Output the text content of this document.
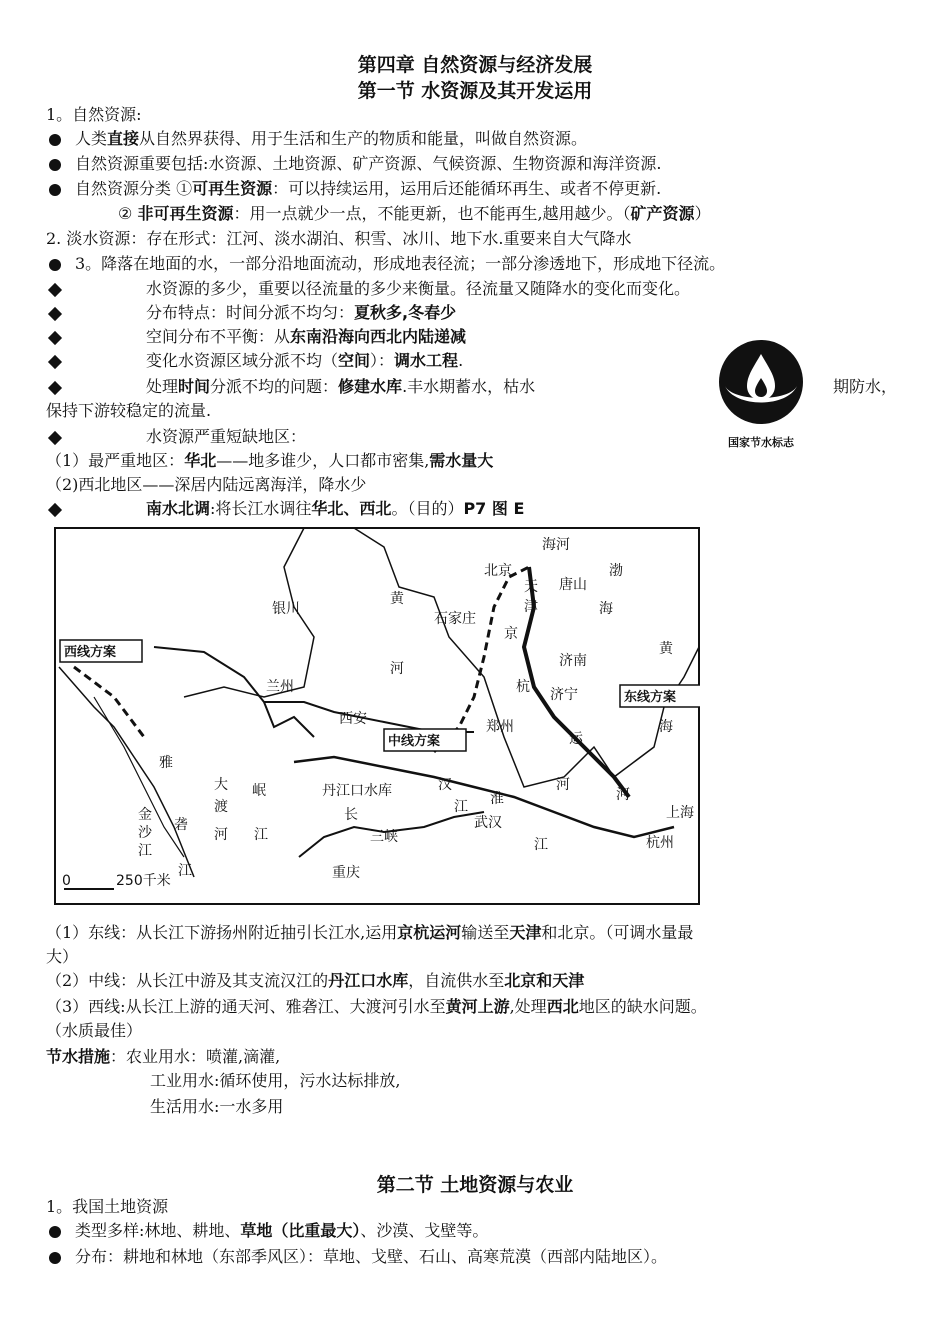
第四章 自然资源与经济发展
第一节 水资源及其开发运用
1。自然资源:
人类直接从自然界获得、用于生活和生产的物质和能量，叫做自然资源。
自然资源重要包括:水资源、土地资源、矿产资源、气候资源、生物资源和海洋资源.
自然资源分类 ①可再生资源：可以持续运用，运用后还能循环再生、或者不停更新.
② 非可再生资源：用一点就少一点，不能更新，也不能再生,越用越少。（矿产资源）
2. 淡水资源：存在形式：江河、淡水湖泊、积雪、冰川、地下水.重要来自大气降水
3。降落在地面的水，一部分沿地面流动，形成地表径流；一部分渗透地下，形成地下径流。
水资源的多少，重要以径流量的多少来衡量。径流量又随降水的变化而变化。
分布特点：时间分派不均匀：夏秋多,冬春少
空间分布不平衡：从东南沿海向西北内陆递减
变化水资源区域分派不均（空间）：调水工程.
处理时间分派不均的问题：修建水库.丰水期蓄水，枯水	期防水，
保持下游较稳定的流量.
水资源严重短缺地区：
（1）最严重地区：华北——地多谁少，人口都市密集,需水量大
（2)西北地区——深居内陆远离海洋，降水少
南水北调:将长江水调往华北、西北。（目的）P7 图 E
国家节水标志
海河
北京
唐山
渤
海
银川
黄
河
石家庄
天
津
京
西线方案
济南
黄
兰州	杭 济宁	东线方案
西安	郑州	海
中线方案	运
雅
大 岷	丹江口水库	汉
淮
河
渡	长	江
武汉
河
上海
金
砻
河 江	三峡	江	杭州
沙
江
江	重庆
0	250千米
（1）东线：从长江下游扬州附近抽引长江水,运用京杭运河输送至天津和北京。（可调水量最
大）
（2）中线：从长江中游及其支流汉江的丹江口水库，自流供水至北京和天津
（3）西线:从长江上游的通天河、雅砻江、大渡河引水至黄河上游,处理西北地区的缺水问题。
（水质最佳）
节水措施：农业用水：喷灌,滴灌,
工业用水:循环使用，污水达标排放,
生活用水:一水多用
第二节 土地资源与农业
1。我国土地资源
类型多样:林地、耕地、草地（比重最大）、沙漠、戈壁等。
分布：耕地和林地（东部季风区）：草地、戈壁、石山、高寒荒漠（西部内陆地区）。
